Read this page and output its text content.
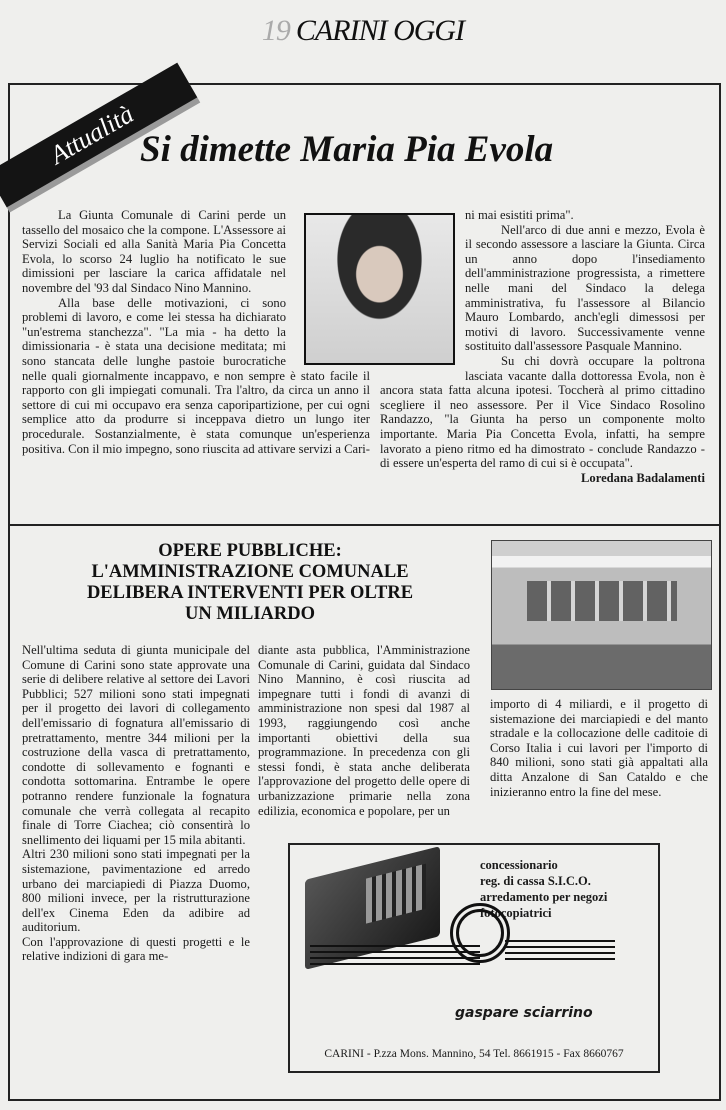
19 CARINI OGGI
Attualità Si dimette Maria Pia Evola

La Giunta Comunale di Carini perde un tassello del mosaico che la compone. L'Assessore ai Servizi Sociali ed alla Sanità Maria Pia Concetta Evola, lo scorso 24 luglio ha notificato le sue dimissioni per lasciare la carica affidatale nel novembre del '93 dal Sindaco Nino Mannino.

Alla base delle motivazioni, ci sono problemi di lavoro, e come lei stessa ha dichiarato "un'estrema stanchezza". "La mia - ha detto la dimissionaria - è stata una decisione meditata; mi sono stancata delle lunghe pastoie burocratiche nelle quali giornalmente incappavo, e non sempre è stato facile il rapporto con gli impiegati comunali. Tra l'altro, da circa un anno il settore di cui mi occupavo era senza caporipartizione, per cui ogni semplice atto da produrre si inceppava dietro un lungo iter procedurale. Sostanzialmente, è stata comunque un'esperienza positiva. Con il mio impegno, sono riuscita ad attivare servizi a Cari-

ni mai esistiti prima".

Nell'arco di due anni e mezzo, Evola è il secondo assessore a lasciare la Giunta. Circa un anno dopo l'insediamento dell'amministrazione progressista, a rimettere nelle mani del Sindaco la delega amministrativa, fu l'assessore al Bilancio Mauro Lombardo, anch'egli dimessosi per motivi di lavoro. Successivamente venne sostituito dall'assessore Pasquale Mannino.

Su chi dovrà occupare la poltrona lasciata vacante dalla dottoressa Evola, non è ancora stata fatta alcuna ipotesi. Toccherà al primo cittadino scegliere il neo assessore. Per il Vice Sindaco Rosolino Randazzo, "la Giunta ha perso un componente molto importante. Maria Pia Concetta Evola, infatti, ha sempre lavorato a pieno ritmo ed ha dimostrato - conclude Randazzo - di essere un'esperta del ramo di cui si è occupata".

Loredana Badalamenti

OPERE PUBBLICHE:
L'AMMINISTRAZIONE COMUNALE
DELIBERA INTERVENTI PER OLTRE
UN MILIARDO

Nell'ultima seduta di giunta municipale del Comune di Carini sono state approvate una serie di delibere relative al settore dei Lavori Pubblici; 527 milioni sono stati impegnati per il progetto dei lavori di collegamento dell'emissario di fognatura all'emissario di pretrattamento, mentre 344 milioni per la costruzione della vasca di pretrattamento, condotte di sollevamento e fognanti e condotta sottomarina. Entrambe le opere potranno rendere funzionale la fognatura comunale che verrà collegata al recapito finale di Torre Ciachea; ciò consentirà lo snellimento dei liquami per 15 mila abitanti.

Altri 230 milioni sono stati impegnati per la sistemazione, pavimentazione ed arredo urbano dei marciapiedi di Piazza Duomo, 800 milioni invece, per la ristrutturazione dell'ex Cinema Eden da adibire ad auditorium.

Con l'approvazione di questi progetti e le relative indizioni di gara me-

diante asta pubblica, l'Amministrazione Comunale di Carini, guidata dal Sindaco Nino Mannino, è così riuscita ad impegnare tutti i fondi di avanzi di amministrazione non spesi dal 1987 al 1993, raggiungendo così anche importanti obiettivi della sua programmazione. In precedenza con gli stessi fondi, è stata anche deliberata l'approvazione del progetto delle opere di urbanizzazione primarie nella zona edilizia, economica e popolare, per un

importo di 4 miliardi, e il progetto di sistemazione dei marciapiedi e del manto stradale e la collocazione delle caditoie di Corso Italia i cui lavori per l'importo di 840 milioni, sono stati già appaltati alla ditta Anzalone di San Cataldo e che inizieranno entro la fine del mese.

concessionario
reg. di cassa S.I.C.O.
arredamento per negozi
fotocopiatrici
gaspare sciarrino
CARINI - P.zza Mons. Mannino, 54 Tel. 8661915 - Fax 8660767
